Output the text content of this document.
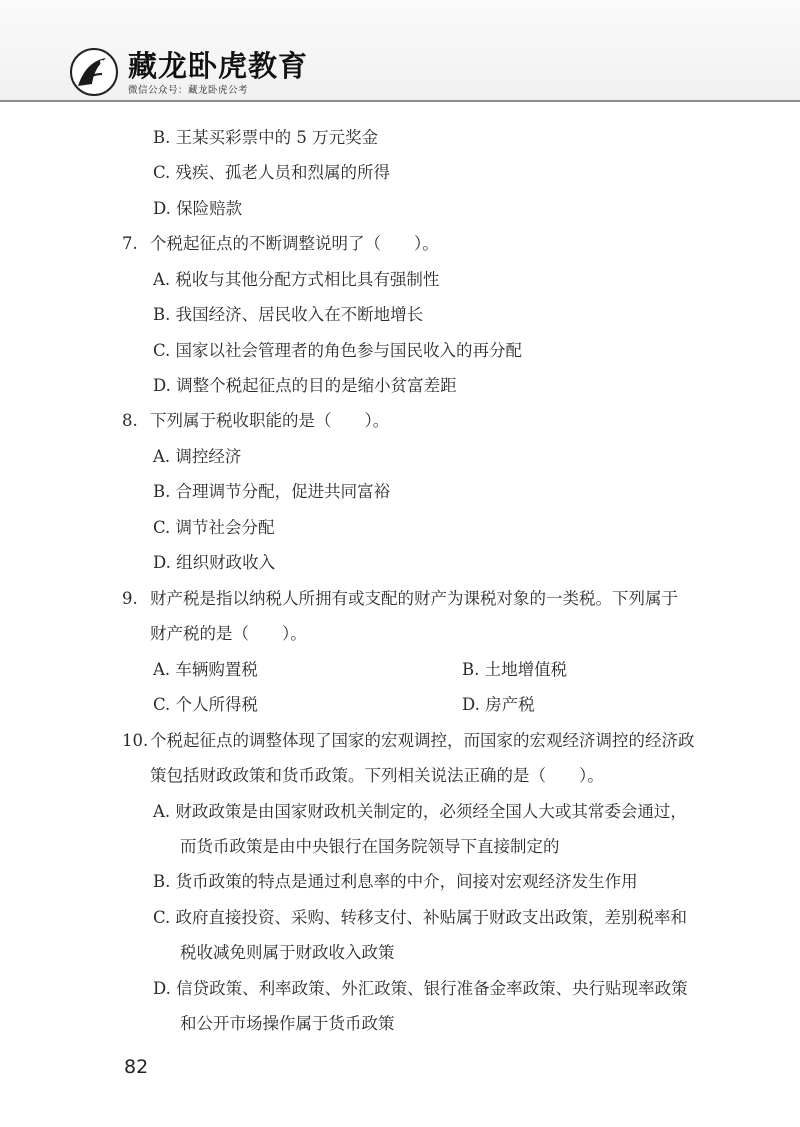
藏龙卧虎教育
微信公众号：藏龙卧虎公考
B. 王某买彩票中的 5 万元奖金
C. 残疾、孤老人员和烈属的所得
D. 保险赔款
7. 个税起征点的不断调整说明了（　　）。
A. 税收与其他分配方式相比具有强制性
B. 我国经济、居民收入在不断地增长
C. 国家以社会管理者的角色参与国民收入的再分配
D. 调整个税起征点的目的是缩小贫富差距
8. 下列属于税收职能的是（　　）。
A. 调控经济
B. 合理调节分配，促进共同富裕
C. 调节社会分配
D. 组织财政收入
9. 财产税是指以纳税人所拥有或支配的财产为课税对象的一类税。下列属于
财产税的是（　　）。
A. 车辆购置税	B. 土地增值税
C. 个人所得税	D. 房产税
10. 个税起征点的调整体现了国家的宏观调控，而国家的宏观经济调控的经济政
策包括财政政策和货币政策。下列相关说法正确的是（　　）。
A. 财政政策是由国家财政机关制定的，必须经全国人大或其常委会通过，
而货币政策是由中央银行在国务院领导下直接制定的
B. 货币政策的特点是通过利息率的中介，间接对宏观经济发生作用
C. 政府直接投资、采购、转移支付、补贴属于财政支出政策，差别税率和
税收减免则属于财政收入政策
D. 信贷政策、利率政策、外汇政策、银行准备金率政策、央行贴现率政策
和公开市场操作属于货币政策
82
